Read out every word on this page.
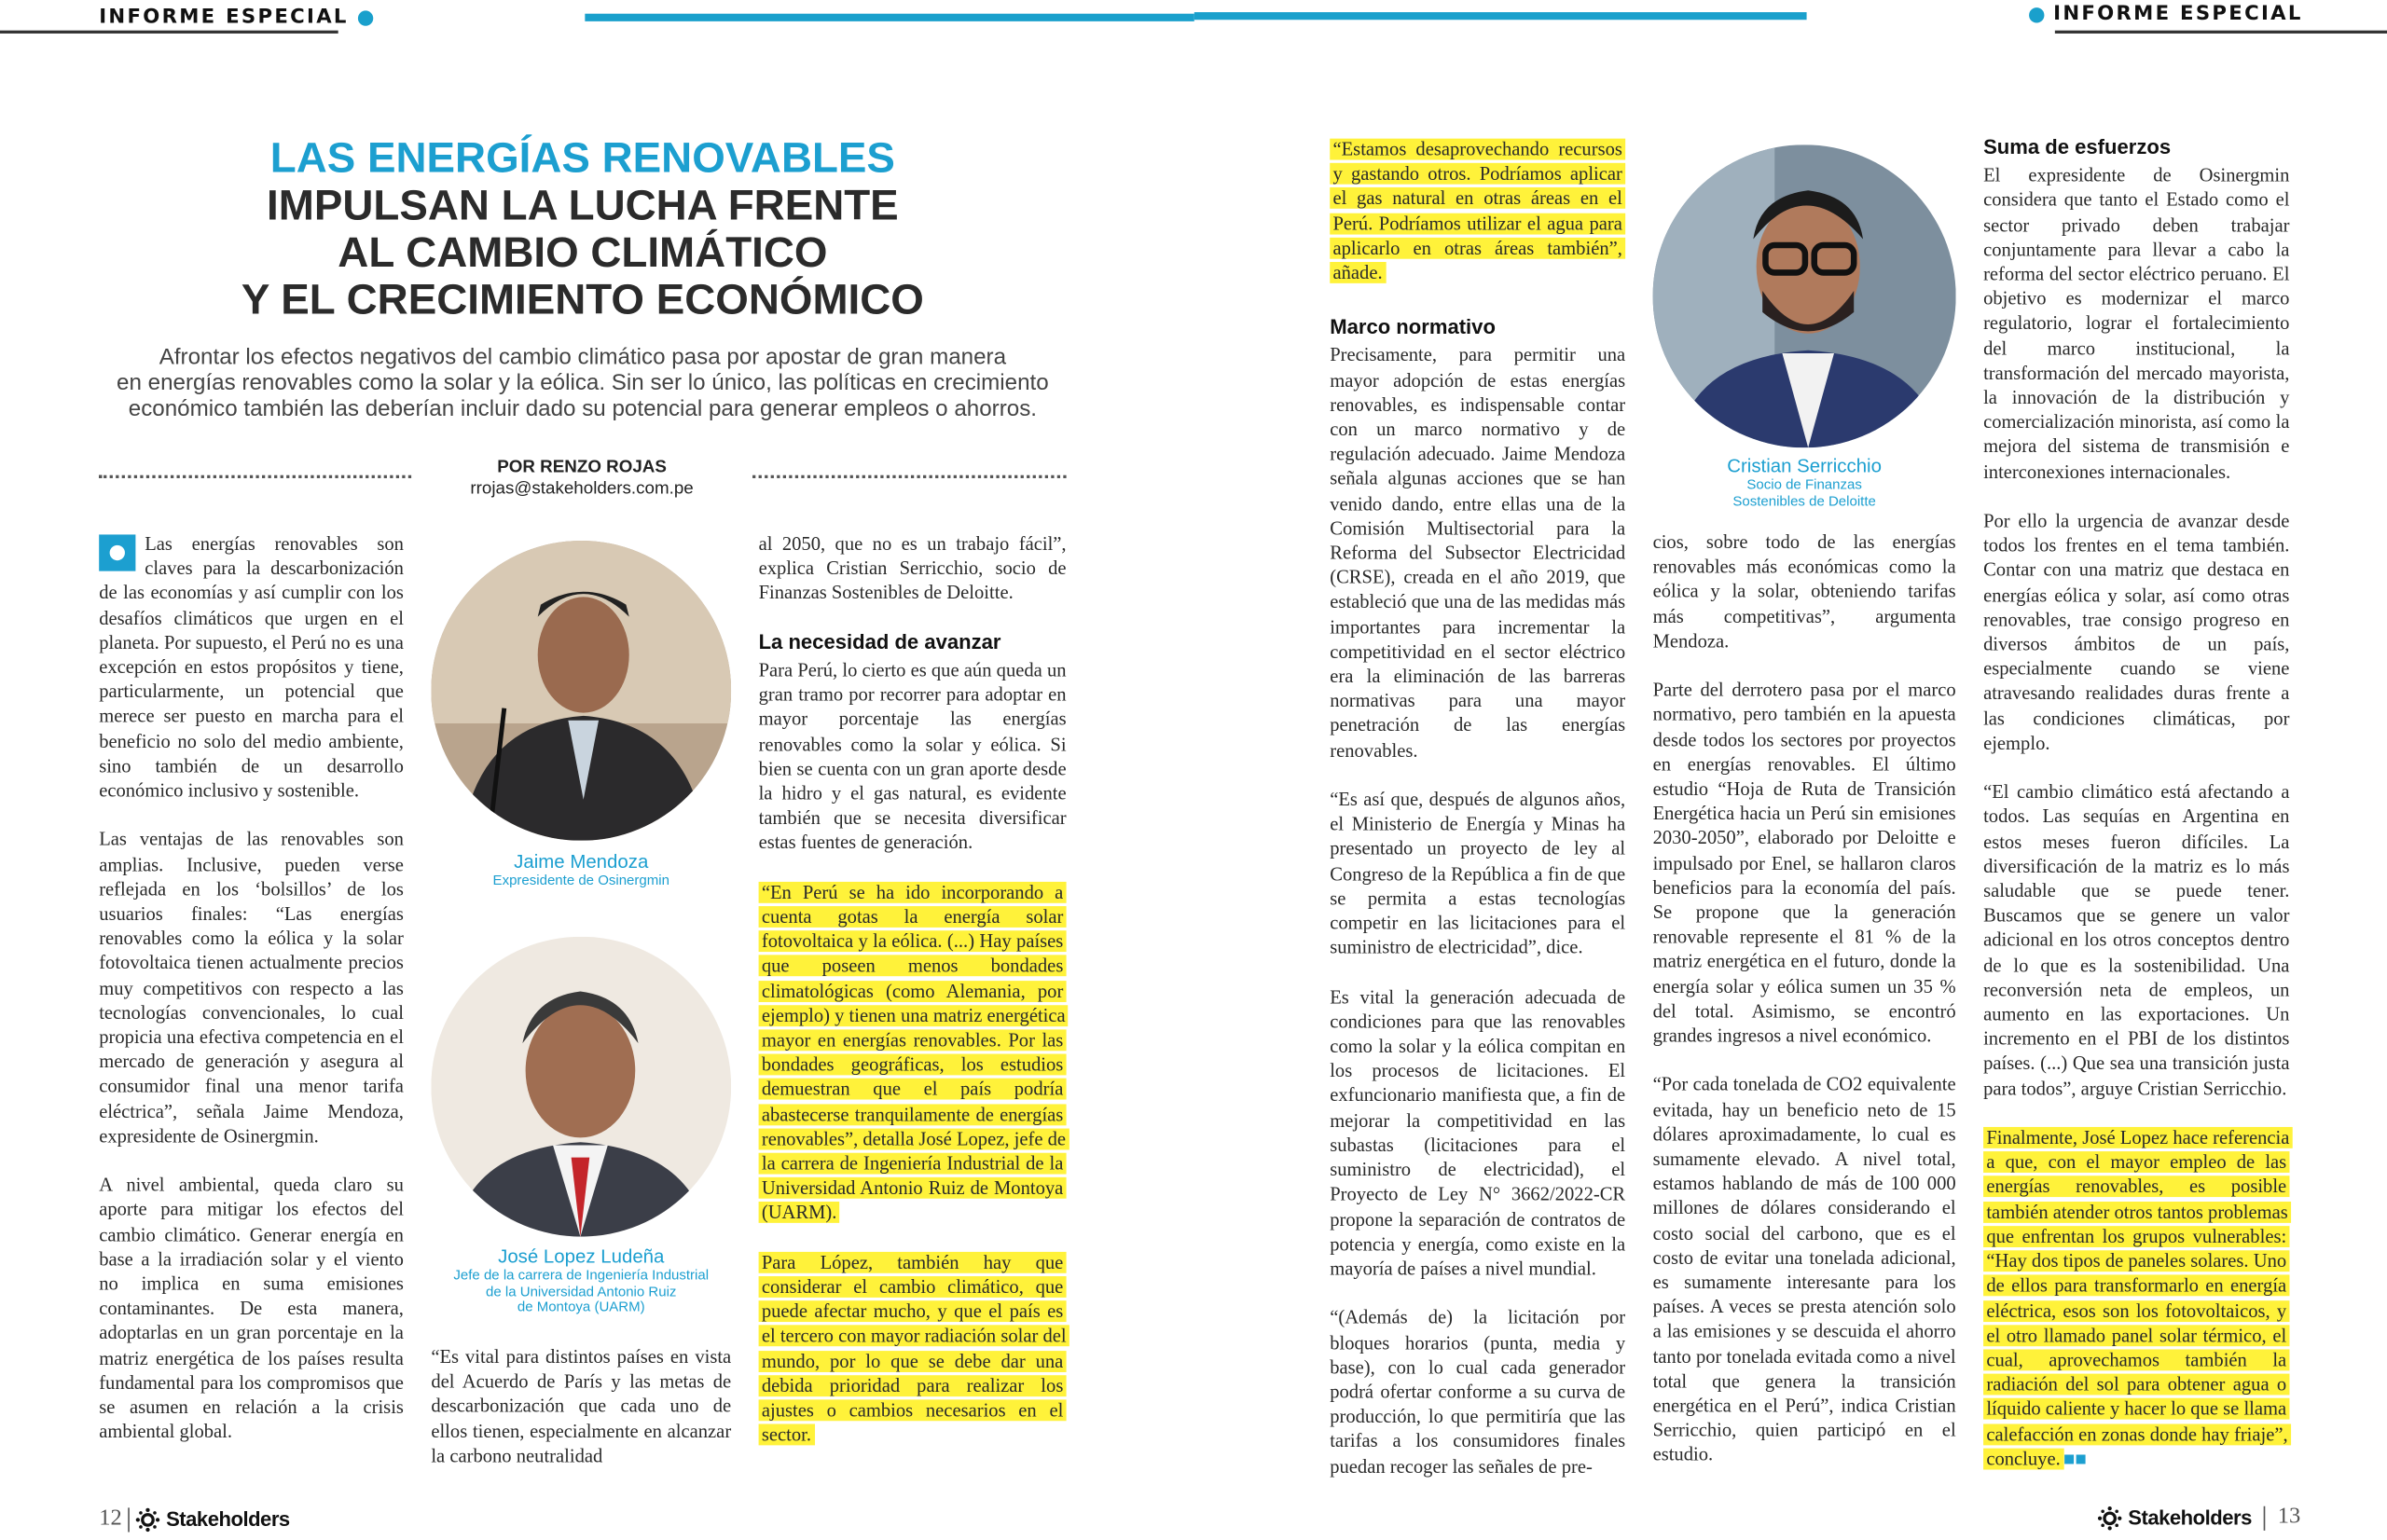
INFORME ESPECIAL	INFORME ESPECIAL
LAS ENERGÍAS RENOVABLES
IMPULSAN LA LUCHA FRENTE
AL CAMBIO CLIMÁTICO
Y EL CRECIMIENTO ECONÓMICO
Afrontar los efectos negativos del cambio climático pasa por apostar de gran manera
en energías renovables como la solar y la eólica. Sin ser lo único, las políticas en crecimiento
económico también las deberían incluir dado su potencial para generar empleos o ahorros.
POR RENZO ROJAS
rrojas@stakeholders.com.pe

Las energías renovables son claves para la descarbonización de las economías y así cumplir con los desafíos climáticos que urgen en el planeta. Por supuesto, el Perú no es una excepción en estos propósitos y tiene, particularmente, un potencial que merece ser puesto en marcha para el beneficio no solo del medio ambiente, sino también de un desarrollo económico inclusivo y sostenible.

Las ventajas de las renovables son amplias. Inclusive, pueden verse reflejada en los ‘bolsillos’ de los usuarios finales: “Las energías renovables como la eólica y la solar fotovoltaica tienen actualmente precios muy competitivos con respecto a las tecnologías convencionales, lo cual propicia una efectiva competencia en el mercado de generación y asegura al consumidor final una menor tarifa eléctrica”, señala Jaime Mendoza, expresidente de Osinergmin.

A nivel ambiental, queda claro su aporte para mitigar los efectos del cambio climático. Generar energía en base a la irradiación solar y el viento no implica en suma emisiones contaminantes. De esta manera, adoptarlas en un gran porcentaje en la matriz energética de los países resulta fundamental para los compromisos que se asumen en relación a la crisis ambiental global.

Jaime Mendoza
Expresidente de Osinergmin
José Lopez Ludeña
Jefe de la carrera de Ingeniería Industrial
de la Universidad Antonio Ruiz
de Montoya (UARM)

“Es vital para distintos países en vista del Acuerdo de París y las metas de descarbonización que cada uno de ellos tienen, especialmente en alcanzar la carbono neutralidad

al 2050, que no es un trabajo fácil”, explica Cristian Serricchio, socio de Finanzas Sostenibles de Deloitte.

La necesidad de avanzar

Para Perú, lo cierto es que aún queda un gran tramo por recorrer para adoptar en mayor porcentaje las energías renovables como la solar y eólica. Si bien se cuenta con un gran aporte desde la hidro y el gas natural, es evidente también que se necesita diversificar estas fuentes de generación.

“En Perú se ha ido incorporando a cuenta gotas la energía solar fotovoltaica y la eólica. (...) Hay países que poseen menos bondades climatológicas (como Alemania, por ejemplo) y tienen una matriz energética mayor en energías renovables. Por las bondades geográficas, los estudios demuestran que el país podría abastecerse tranquilamente de energías renovables”, detalla José Lopez, jefe de la carrera de Ingeniería Industrial de la Universidad Antonio Ruiz de Montoya (UARM).

Para López, también hay que considerar el cambio climático, que puede afectar mucho, y que el país es el tercero con mayor radiación solar del mundo, por lo que se debe dar una debida prioridad para realizar los ajustes o cambios necesarios en el sector.

“Estamos desaprovechando recursos y gastando otros. Podríamos aplicar el gas natural en otras áreas en el Perú. Podríamos utilizar el agua para aplicarlo en otras áreas también”, añade.

Marco normativo

Precisamente, para permitir una mayor adopción de estas energías renovables, es indispensable contar con un marco normativo y de regulación adecuado. Jaime Mendoza señala algunas acciones que se han venido dando, entre ellas una de la Comisión Multisectorial para la Reforma del Subsector Electricidad (CRSE), creada en el año 2019, que estableció que una de las medidas más importantes para incrementar la competitividad en el sector eléctrico era la eliminación de las barreras normativas para una mayor penetración de las energías renovables.

“Es así que, después de algunos años, el Ministerio de Energía y Minas ha presentado un proyecto de ley al Congreso de la República a fin de que se permita a estas tecnologías competir en las licitaciones para el suministro de electricidad”, dice.

Es vital la generación adecuada de condiciones para que las renovables como la solar y la eólica compitan en los procesos de licitaciones. El exfuncionario manifiesta que, a fin de mejorar la competitividad en las subastas (licitaciones para el suministro de electricidad), el Proyecto de Ley N° 3662/2022-CR propone la separación de contratos de potencia y energía, como existe en la mayoría de países a nivel mundial.

“(Además de) la licitación por bloques horarios (punta, media y base), con lo cual cada generador podrá ofertar conforme a su curva de producción, lo que permitiría que las tarifas a los consumidores finales puedan recoger las señales de pre-

Cristian Serricchio
Socio de Finanzas
Sostenibles de Deloitte

cios, sobre todo de las energías renovables más económicas como la eólica y la solar, obteniendo tarifas más competitivas”, argumenta Mendoza.

Parte del derrotero pasa por el marco normativo, pero también en la apuesta desde todos los sectores por proyectos en energías renovables. El último estudio “Hoja de Ruta de Transición Energética hacia un Perú sin emisiones 2030-2050”, elaborado por Deloitte e impulsado por Enel, se hallaron claros beneficios para la economía del país. Se propone que la generación renovable represente el 81 % de la matriz energética en el futuro, donde la energía solar y eólica sumen un 35 % del total. Asimismo, se encontró grandes ingresos a nivel económico.

“Por cada tonelada de CO2 equivalente evitada, hay un beneficio neto de 15 dólares aproximadamente, lo cual es sumamente elevado. A nivel total, estamos hablando de más de 100 000 millones de dólares considerando el costo social del carbono, que es el costo de evitar una tonelada adicional, es sumamente interesante para los países. A veces se presta atención solo a las emisiones y se descuida el ahorro tanto por tonelada evitada como a nivel total que genera la transición energética en el Perú”, indica Cristian Serricchio, quien participó en el estudio.

Suma de esfuerzos

El expresidente de Osinergmin considera que tanto el Estado como el sector privado deben trabajar conjuntamente para llevar a cabo la reforma del sector eléctrico peruano. El objetivo es modernizar el marco regulatorio, lograr el fortalecimiento del marco institucional, la transformación del mercado mayorista, la innovación de la distribución y comercialización minorista, así como la mejora del sistema de transmisión e interconexiones internacionales.

Por ello la urgencia de avanzar desde todos los frentes en el tema también. Contar con una matriz que destaca en energías eólica y solar, así como otras renovables, trae consigo progreso en diversos ámbitos de un país, especialmente cuando se viene atravesando realidades duras frente a las condiciones climáticas, por ejemplo.

“El cambio climático está afectando a todos. Las sequías en Argentina en estos meses fueron difíciles. La diversificación de la matriz es lo más saludable que se puede tener. Buscamos que se genere un valor adicional en los otros conceptos dentro de lo que es la sostenibilidad. Una reconversión neta de empleos, un aumento en las exportaciones. Un incremento en el PBI de los distintos países. (...) Que sea una transición justa para todos”, arguye Cristian Serricchio.

Finalmente, José Lopez hace referencia a que, con el mayor empleo de las energías renovables, es posible también atender otros tantos problemas que enfrentan los grupos vulnerables: “Hay dos tipos de paneles solares. Uno de ellos para transformarlo en energía eléctrica, esos son los fotovoltaicos, y el otro llamado panel solar térmico, el cual, aprovechamos también la radiación del sol para obtener agua o líquido caliente y hacer lo que se llama calefacción en zonas donde hay friaje”, concluye. ■■

12	Stakeholders	Stakeholders 13
